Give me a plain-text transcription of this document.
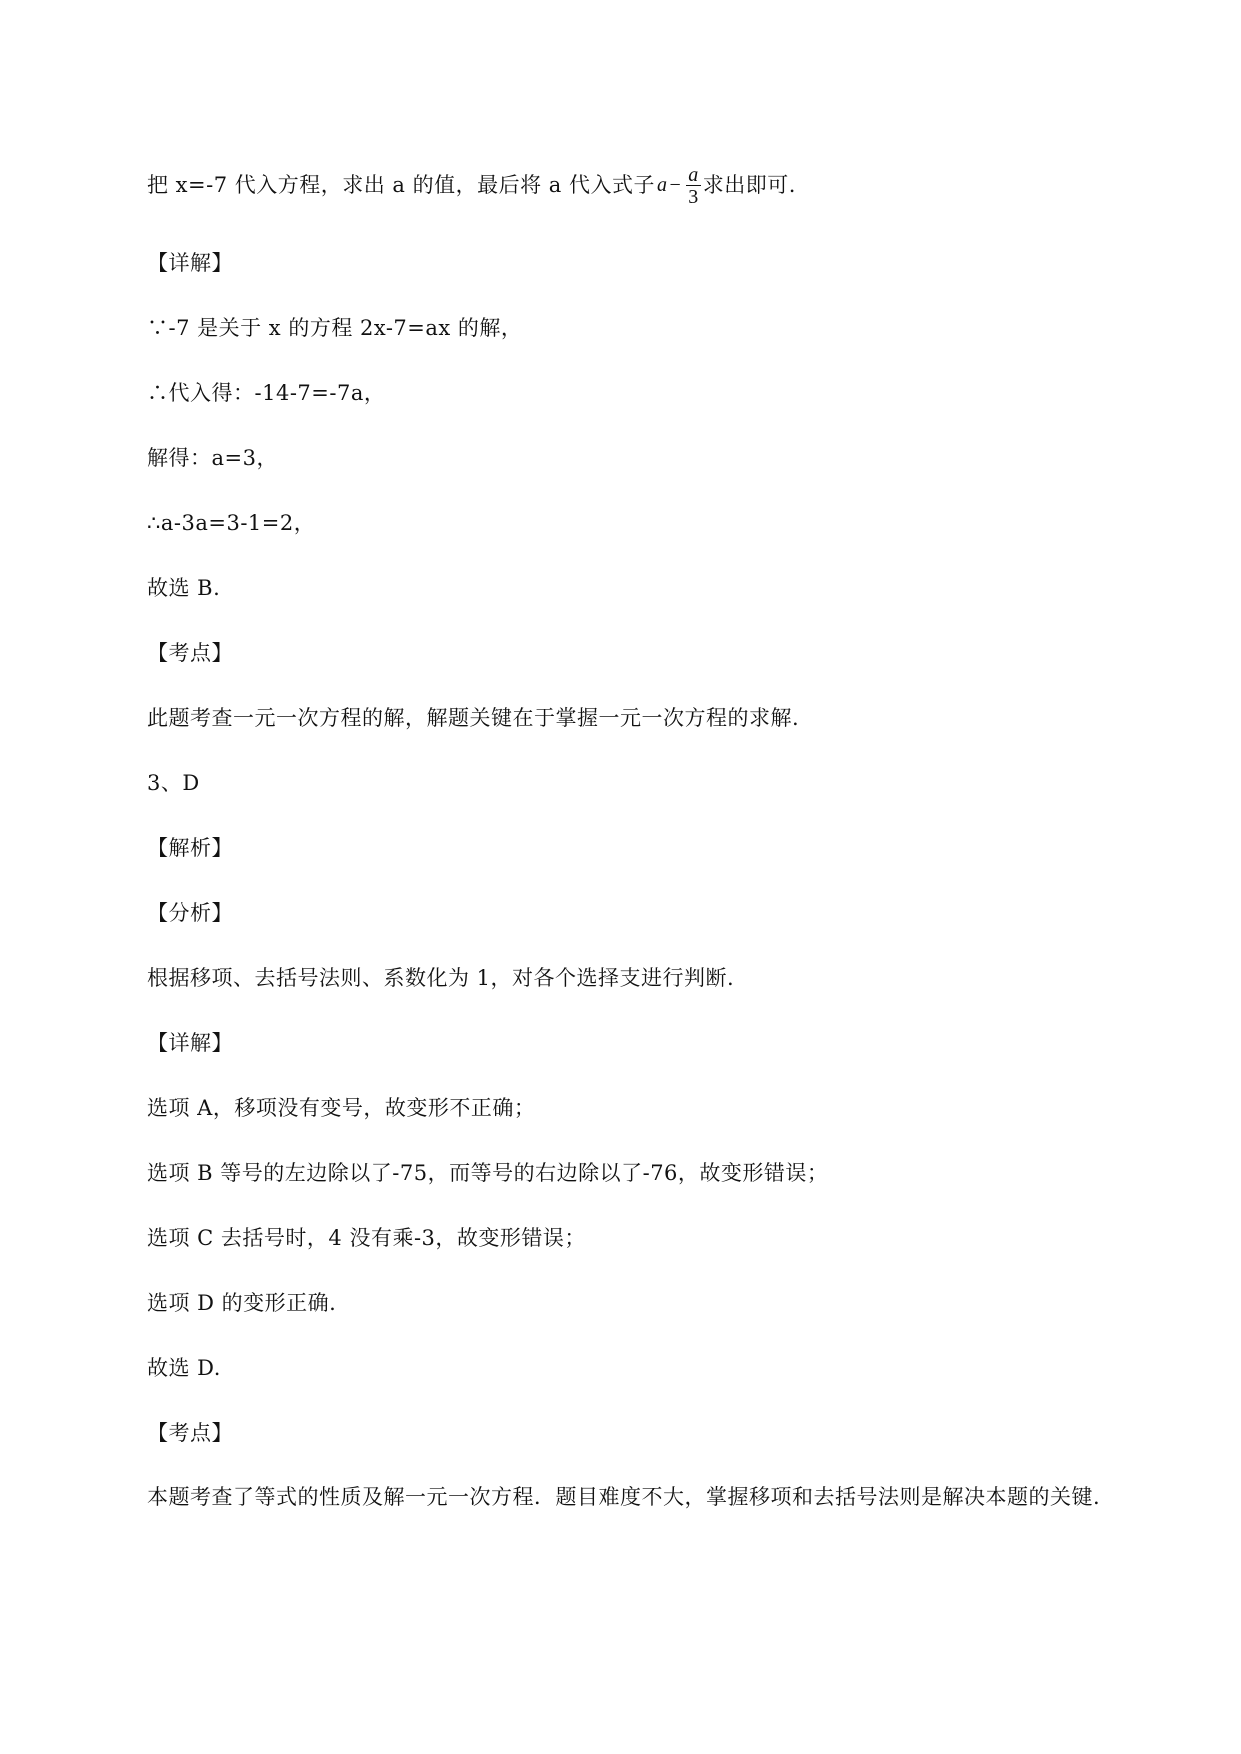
把 x=-7 代入方程，求出 a 的值，最后将 a 代入式子 $a - \frac{a}{3}$ 求出即可.
【详解】
∵-7 是关于 x 的方程 2x-7=ax 的解，
∴代入得：-14-7=-7a，
解得：a=3，
∴a-3a=3-1=2，
故选 B.
【考点】
此题考查一元一次方程的解，解题关键在于掌握一元一次方程的求解.
3、D
【解析】
【分析】
根据移项、去括号法则、系数化为 1，对各个选择支进行判断.
【详解】
选项 A，移项没有变号，故变形不正确；
选项 B 等号的左边除以了-75，而等号的右边除以了-76，故变形错误；
选项 C 去括号时，4 没有乘-3，故变形错误；
选项 D 的变形正确.
故选 D.
【考点】
本题考查了等式的性质及解一元一次方程．题目难度不大，掌握移项和去括号法则是解决本题的关键.
